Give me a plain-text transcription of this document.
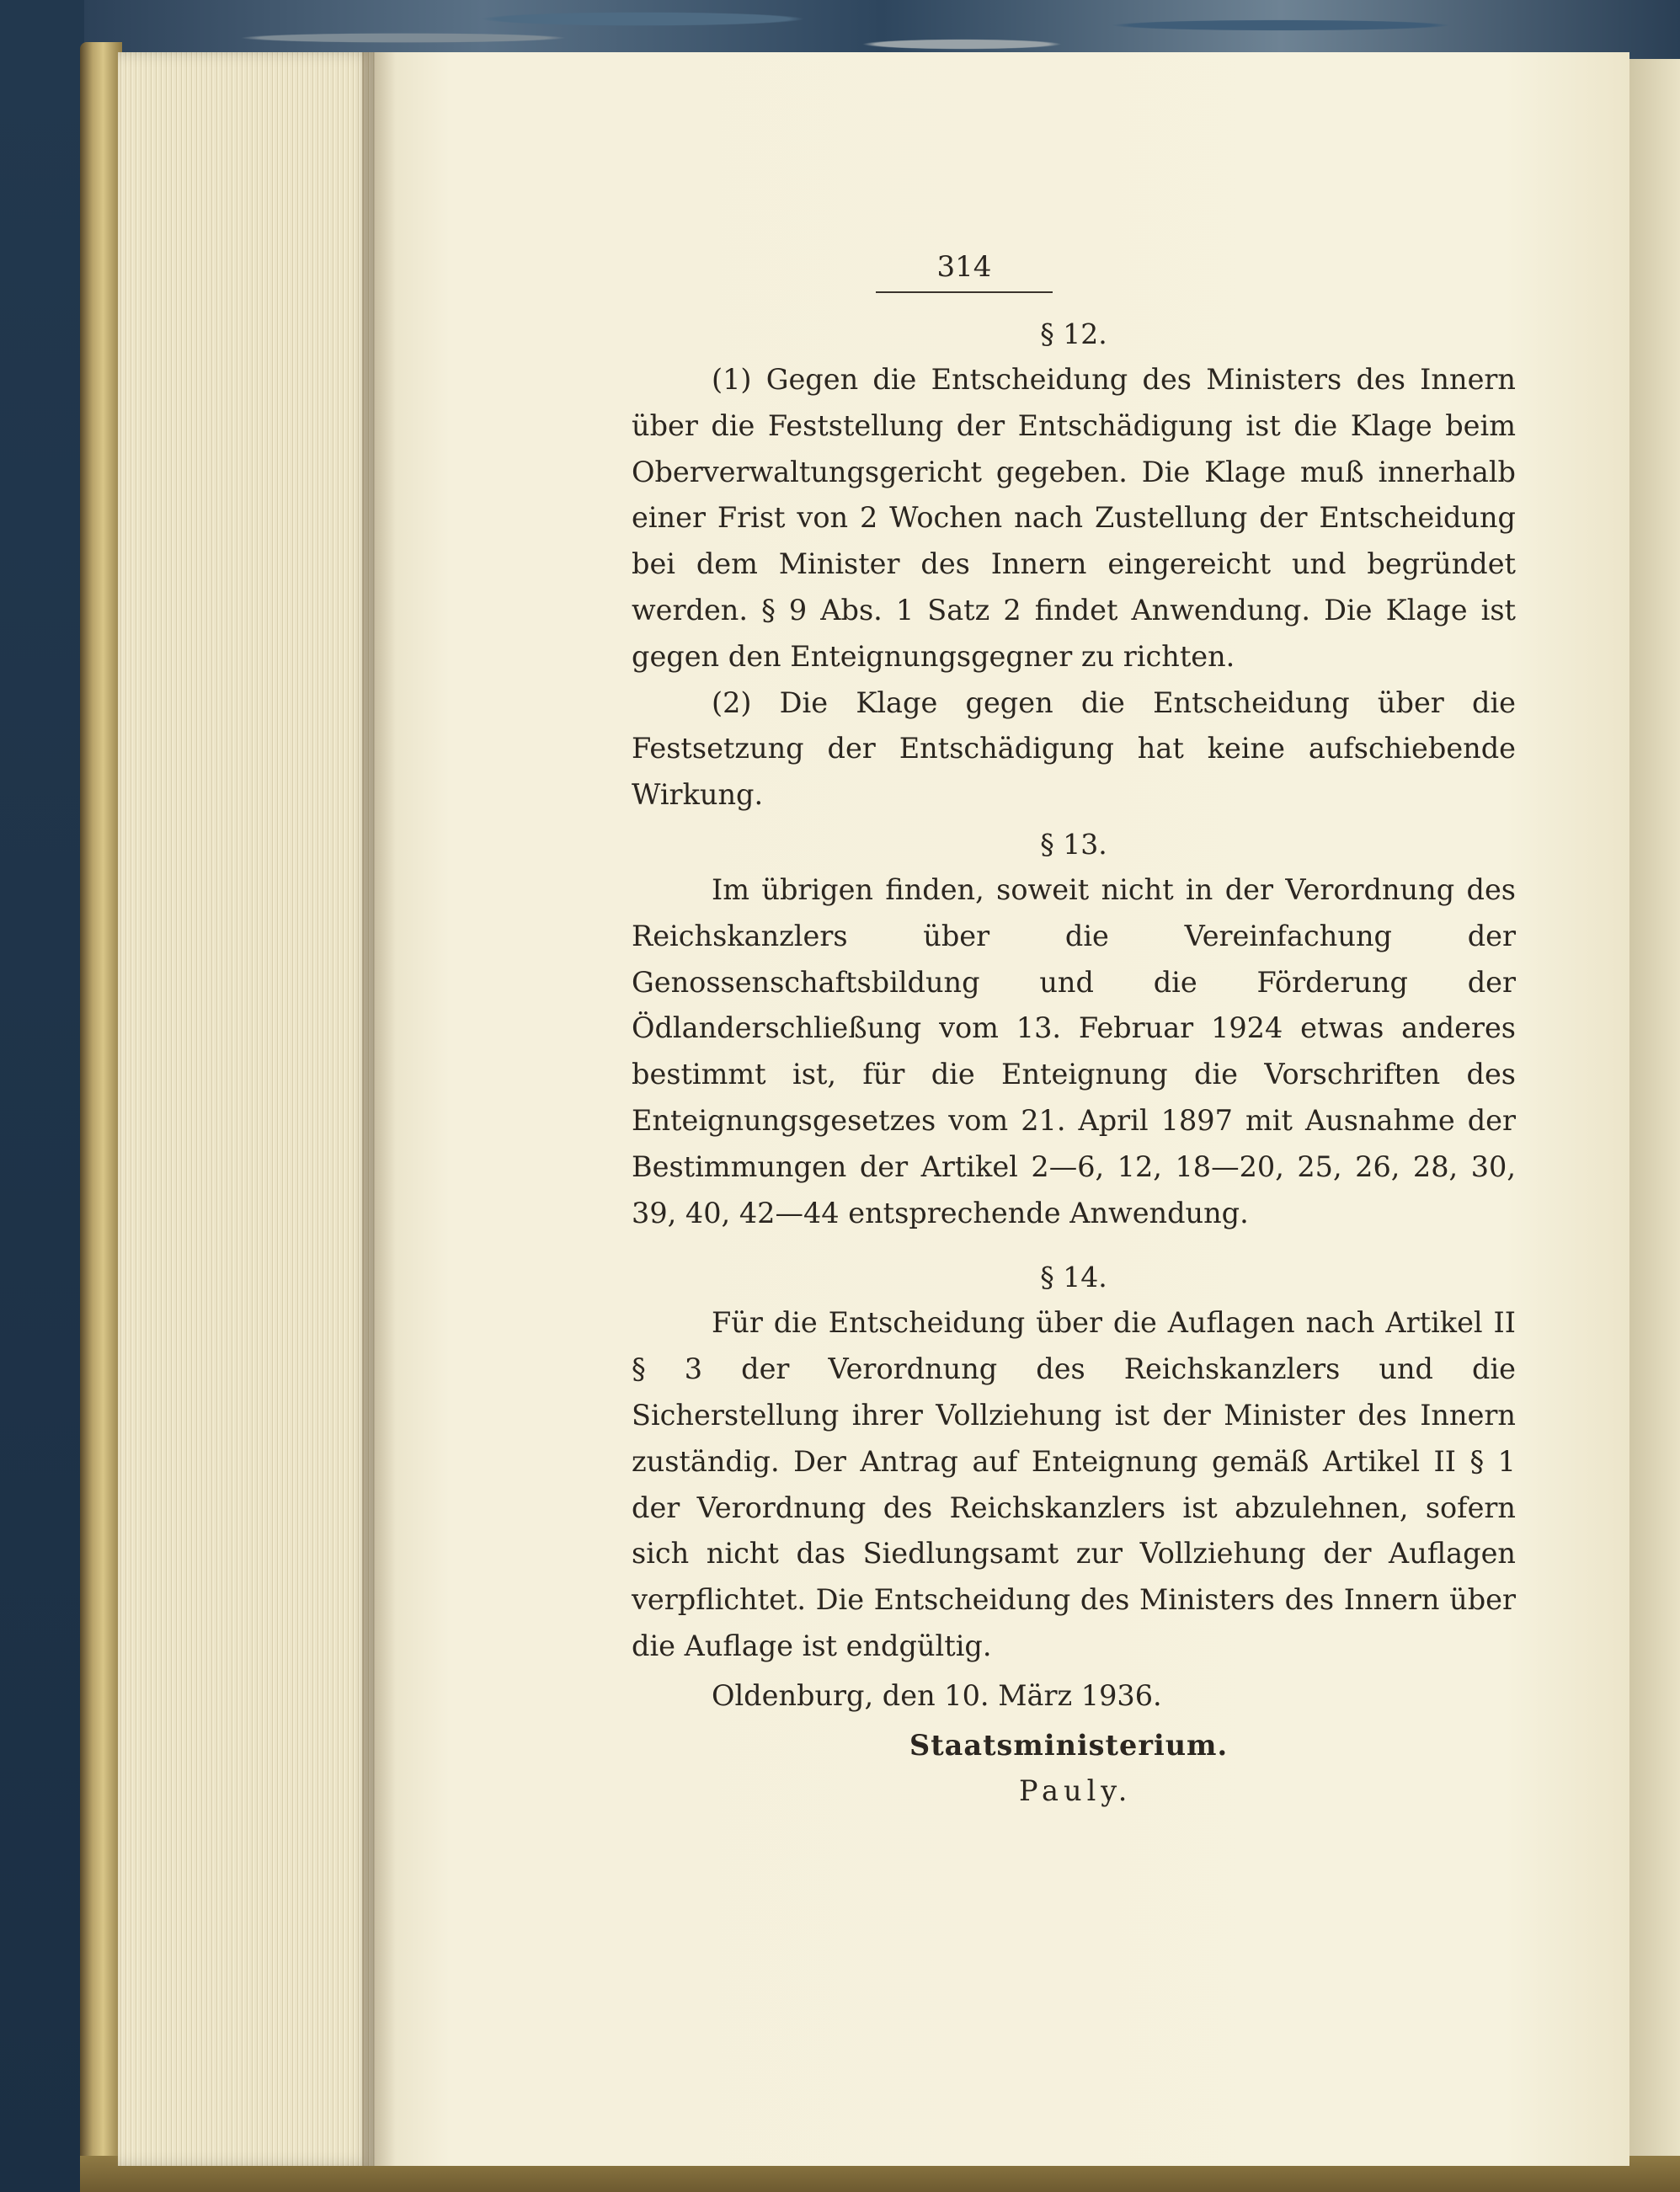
314
§ 12.

(1) Gegen die Entscheidung des Ministers des Innern über die Feststellung der Entschädigung ist die Klage beim Oberverwaltungsgericht gegeben. Die Klage muß innerhalb einer Frist von 2 Wochen nach Zustellung der Entscheidung bei dem Minister des Innern eingereicht und begründet werden. § 9 Abs. 1 Satz 2 findet Anwendung. Die Klage ist gegen den Enteignungsgegner zu richten.

(2) Die Klage gegen die Entscheidung über die Festsetzung der Entschädigung hat keine aufschiebende Wirkung.

§ 13.

Im übrigen finden, soweit nicht in der Verordnung des Reichskanzlers über die Vereinfachung der Genossenschaftsbildung und die Förderung der Ödlanderschließung vom 13. Februar 1924 etwas anderes bestimmt ist, für die Enteignung die Vorschriften des Enteignungsgesetzes vom 21. April 1897 mit Ausnahme der Bestimmungen der Artikel 2—6, 12, 18—20, 25, 26, 28, 30, 39, 40, 42—44 entsprechende Anwendung.

§ 14.

Für die Entscheidung über die Auflagen nach Artikel II § 3 der Verordnung des Reichskanzlers und die Sicherstellung ihrer Vollziehung ist der Minister des Innern zuständig. Der Antrag auf Enteignung gemäß Artikel II § 1 der Verordnung des Reichskanzlers ist abzulehnen, sofern sich nicht das Siedlungsamt zur Vollziehung der Auflagen verpflichtet. Die Entscheidung des Ministers des Innern über die Auflage ist endgültig.

Oldenburg, den 10. März 1936.
Staatsministerium.
Pauly.
